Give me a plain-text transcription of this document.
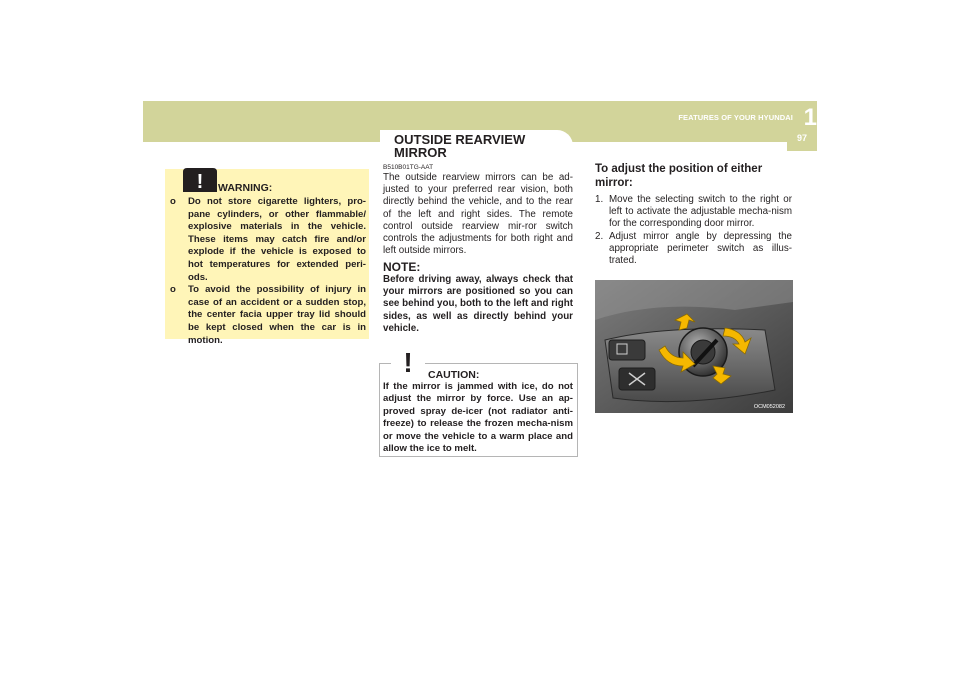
1
FEATURES OF YOUR HYUNDAI
97
OUTSIDE REARVIEW MIRROR
! WARNING:
o Do not store cigarette lighters, pro-pane cylinders, or other flammable/ explosive materials in the vehicle. These items may catch fire and/or explode if the vehicle is exposed to hot temperatures for extended peri-ods.
o To avoid the possibility of injury in case of an accident or a sudden stop, the center facia upper tray lid should be kept closed when the car is in motion.
B510B01TG-AAT

The outside rearview mirrors can be ad-justed to your preferred rear vision, both directly behind the vehicle, and to the rear of the left and right sides. The remote control outside rearview mir-ror switch controls the adjustments for both right and left outside mirrors.

NOTE:

Before driving away, always check that your mirrors are positioned so you can see behind you, both to the left and right sides, as well as directly behind your vehicle.

! CAUTION:

If the mirror is jammed with ice, do not adjust the mirror by force. Use an ap-proved spray de-icer (not radiator anti-freeze) to release the frozen mecha-nism or move the vehicle to a warm place and allow the ice to melt.

To adjust the position of either mirror:
1. Move the selecting switch to the right or left to activate the adjustable mecha-nism for the corresponding door mirror.
2. Adjust mirror angle by depressing the appropriate perimeter switch as illus-trated.
OCM052082
